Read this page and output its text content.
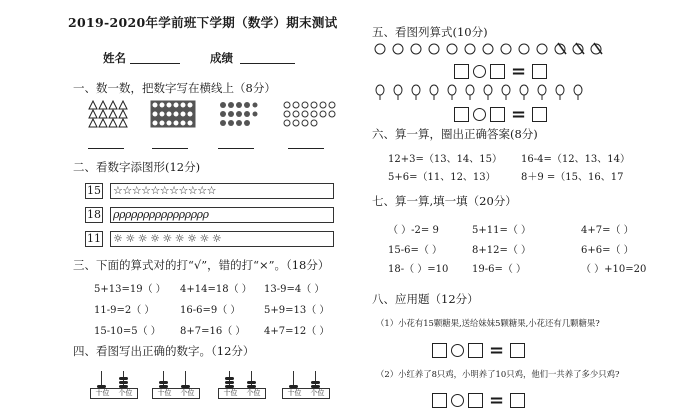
2019-2020年学前班下学期（数学）期末测试
姓名	成绩
一、数一数，把数字写在横线上（8分）
二、看数字添图形(12分)
15 ☆☆☆☆☆☆☆☆☆☆☆
18 ρρρρρρρρρρρρρρρρ
11 ☼ ☼ ☼ ☼ ☼ ☼ ☼ ☼ ☼
三、下面的算式对的打“√”，错的打“×”。（18分）
5+13=19（ ） 4+14=18（ ） 13-9=4（ ）
11-9=2（ ）	16-6=9（ ） 5+9=13（ ）
15-10=5（ ） 8+7=16（ ） 4+7=12（ ）
四、看图写出正确的数字。（12分）
十位	个位	十位	个位	十位	个位	十位	个位
五、看图列算式(10分)
=
=
六、算一算，圈出正确答案(8分)
12+3=（13、14、15） 16-4=（12、13、14）
5+6=（11、12、13）	8＋9 =（15、16、17
七、算一算,填一填（20分）
（ ）-2= 9	5+11=（ ）	4+7=（ ）
15-6=（ ）	8+12=（ ）	6+6=（ ）
18-（ ）=10 19-6=（ ）	（ ）+10=20
八、应用题（12分）
（1）小花有15颗糖果,送给妹妹5颗糖果,小花还有几颗糖果?
=
（2）小红养了8只鸡，小明养了10只鸡，他们一共养了多少只鸡?
=
